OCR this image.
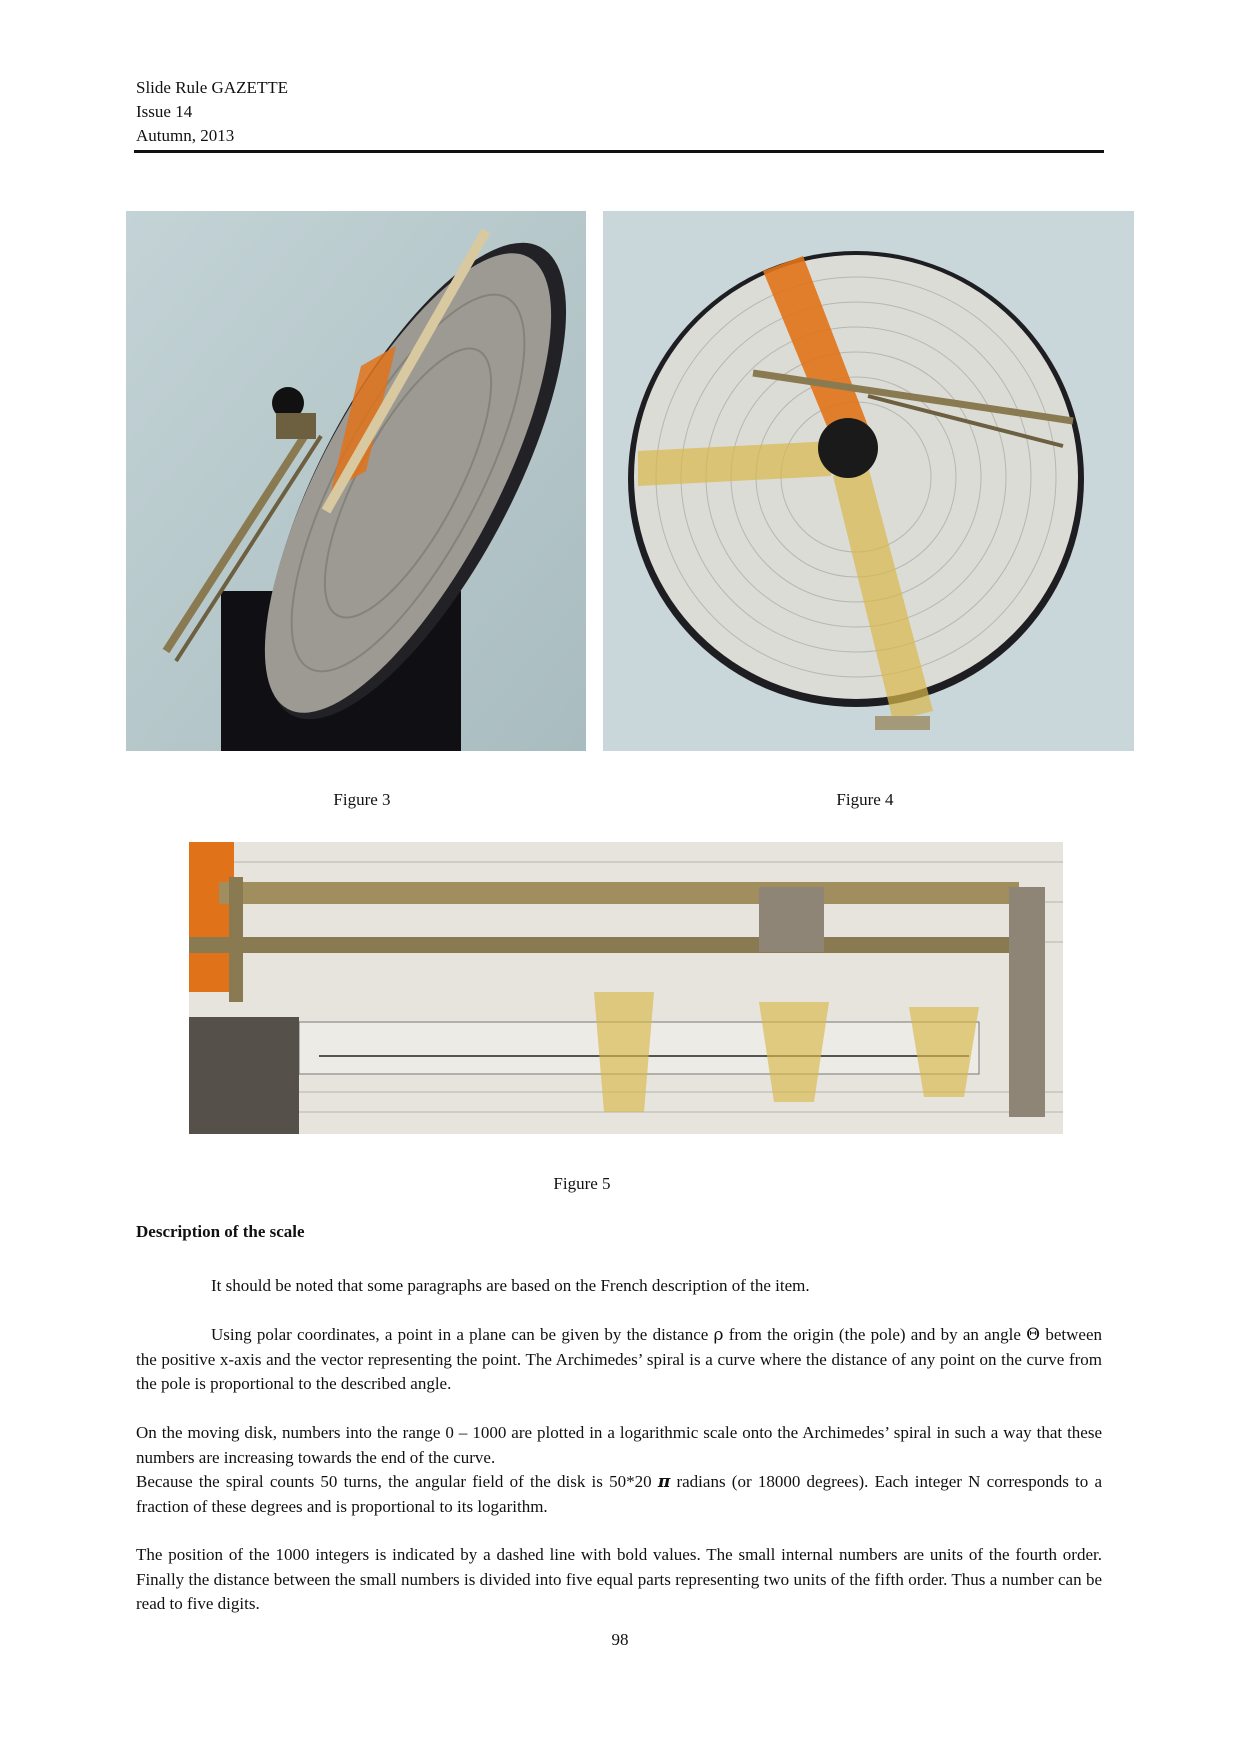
Slide Rule GAZETTE
Issue 14
Autumn, 2013
Figure 3	Figure 4
Figure 5
Description of the scale

It should be noted that some paragraphs are based on the French description of the item.

Using polar coordinates, a point in a plane can be given by the distance ρ from the origin (the pole) and by an angle Θ between the positive x-axis and the vector representing the point. The Archimedes’ spiral is a curve where the distance of any point on the curve from the pole is proportional to the described angle.

On the moving disk, numbers into the range 0 – 1000 are plotted in a logarithmic scale onto the Archimedes’ spiral in such a way that these numbers are increasing towards the end of the curve.
Because the spiral counts 50 turns, the angular field of the disk is 50*20 π radians (or 18000 degrees). Each integer N corresponds to a fraction of these degrees and is proportional to its logarithm.

The position of the 1000 integers is indicated by a dashed line with bold values. The small internal numbers are units of the fourth order. Finally the distance between the small numbers is divided into five equal parts representing two units of the fifth order. Thus a number can be read to five digits.

98
